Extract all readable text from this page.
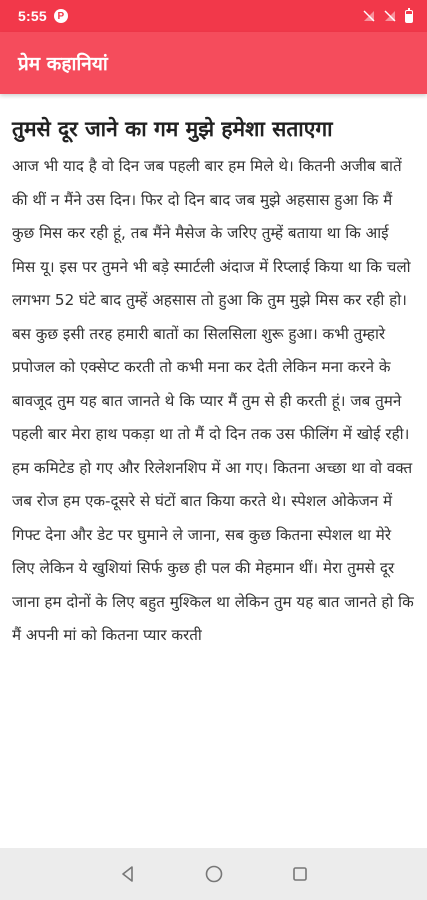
5:55	P
प्रेम कहानियां
तुमसे दूर जाने का गम मुझे हमेशा सताएगा

आज भी याद है वो दिन जब पहली बार हम मिले थे। कितनी अजीब बातें की थीं न मैंने उस दिन। फिर दो दिन बाद जब मुझे अहसास हुआ कि मैं कुछ मिस कर रही हूं, तब मैंने मैसेज के जरिए तुम्हें बताया था कि आई मिस यू। इस पर तुमने भी बड़े स्मार्टली अंदाज में रिप्लाई किया था कि चलो लगभग 52 घंटे बाद तुम्हें अहसास तो हुआ कि तुम मुझे मिस कर रही हो। बस कुछ इसी तरह हमारी बातों का सिलसिला शुरू हुआ। कभी तुम्हारे प्रपोजल को एक्सेप्ट करती तो कभी मना कर देती लेकिन मना करने के बावजूद तुम यह बात जानते थे कि प्यार मैं तुम से ही करती हूं। जब तुमने पहली बार मेरा हाथ पकड़ा था तो मैं दो दिन तक उस फीलिंग में खोई रही। हम कमिटेड हो गए और रिलेशनशिप में आ गए। कितना अच्छा था वो वक्त जब रोज हम एक-दूसरे से घंटों बात किया करते थे। स्पेशल ओकेजन में गिफ्ट देना और डेट पर घुमाने ले जाना, सब कुछ कितना स्पेशल था मेरे लिए लेकिन ये खुशियां सिर्फ कुछ ही पल की मेहमान थीं। मेरा तुमसे दूर जाना हम दोनों के लिए बहुत मुश्किल था लेकिन तुम यह बात जानते हो कि मैं अपनी मां को कितना प्यार करती
